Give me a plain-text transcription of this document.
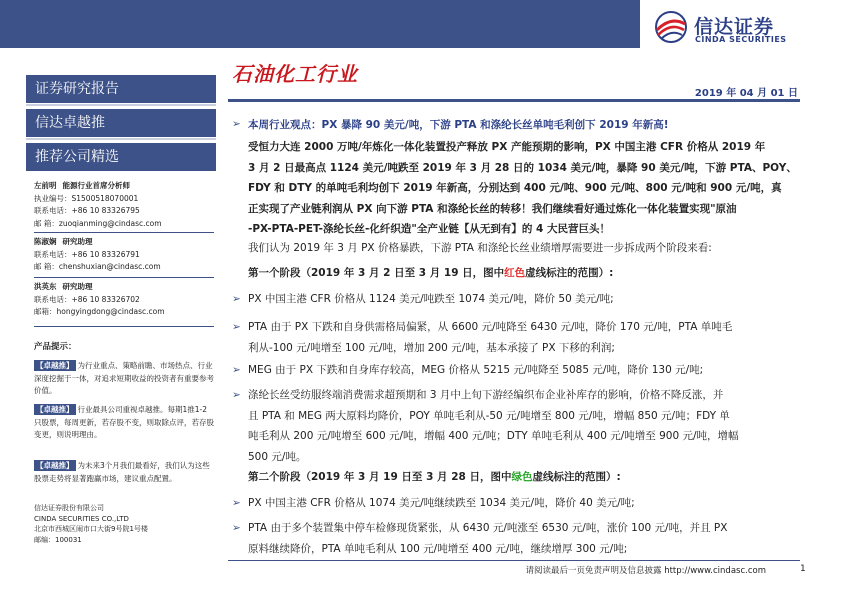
信达证券
CINDA SECURITIES
证券研究报告
信达卓越推
推荐公司精选
左前明 能源行业首席分析师
执业编号：S1500518070001
联系电话：+86 10 83326795
邮 箱：zuoqianming@cindasc.com
陈淑娴 研究助理
联系电话：+86 10 83326791
邮 箱：chenshuxian@cindasc.com
洪英东 研究助理
联系电话：+86 10 83326702
邮箱：hongyingdong@cindasc.com
产品提示：
【卓越推】 为行业重点、策略前瞻、市场热点、行业深度挖掘于一体，对追求短期收益的投资者有重要参考价值。
【卓越推】 行业最具公司重视卓越推。每期1推1-2只股票，每周更新，若存股不变，则取除点评，若存股变更，则说明理由。
【卓越推】 为未来3个月我们最看好，我们认为这些股票走势将显著跑赢市场，建议重点配置。
信达证券股份有限公司
CINDA SECURITIES CO.,LTD
北京市西城区闹市口大街9号院1号楼
邮编：100031
石油化工行业
2019 年 04 月 01 日
➢ 本周行业观点：PX 暴降 90 美元/吨，下游 PTA 和涤纶长丝单吨毛利创下 2019 年新高!
受恒力大连 2000 万吨/年炼化一体化装置投产释放 PX 产能预期的影响，PX 中国主港 CFR 价格从 2019 年
3 月 2 日最高点 1124 美元/吨跌至 2019 年 3 月 28 日的 1034 美元/吨，暴降 90 美元/吨，下游 PTA、POY、
FDY 和 DTY 的单吨毛利均创下 2019 年新高，分别达到 400 元/吨、900 元/吨、800 元/吨和 900 元/吨，真
正实现了产业链利润从 PX 向下游 PTA 和涤纶长丝的转移！我们继续看好通过炼化一体化装置实现"原油
-PX-PTA-PET-涤纶长丝-化纤织造"全产业链【从无到有】的 4 大民营巨头！
我们认为 2019 年 3 月 PX 价格暴跌，下游 PTA 和涤纶长丝业绩增厚需要进一步拆成两个阶段来看:
第一个阶段（2019 年 3 月 2 日至 3 月 19 日，图中红色虚线标注的范围）:
➢ PX 中国主港 CFR 价格从 1124 美元/吨跌至 1074 美元/吨，降价 50 美元/吨;
➢ PTA 由于 PX 下跌和自身供需格局偏紧，从 6600 元/吨降至 6430 元/吨，降价 170 元/吨，PTA 单吨毛
利从-100 元/吨增至 100 元/吨，增加 200 元/吨，基本承接了 PX 下移的利润;
➢ MEG 由于 PX 下跌和自身库存较高，MEG 价格从 5215 元/吨降至 5085 元/吨，降价 130 元/吨;
➢ 涤纶长丝受纺服终端消费需求超预期和 3 月中上旬下游经编织布企业补库存的影响，价格不降反涨，并
且 PTA 和 MEG 两大原料均降价，POY 单吨毛利从-50 元/吨增至 800 元/吨，增幅 850 元/吨；FDY 单
吨毛利从 200 元/吨增至 600 元/吨，增幅 400 元/吨；DTY 单吨毛利从 400 元/吨增至 900 元/吨，增幅
500 元/吨。
第二个阶段（2019 年 3 月 19 日至 3 月 28 日，图中绿色虚线标注的范围）:
➢ PX 中国主港 CFR 价格从 1074 美元/吨继续跌至 1034 美元/吨，降价 40 美元/吨;
➢ PTA 由于多个装置集中停车检修现货紧张，从 6430 元/吨涨至 6530 元/吨，涨价 100 元/吨，并且 PX
原料继续降价，PTA 单吨毛利从 100 元/吨增至 400 元/吨，继续增厚 300 元/吨;
请阅读最后一页免责声明及信息披露 http://www.cindasc.com	1
